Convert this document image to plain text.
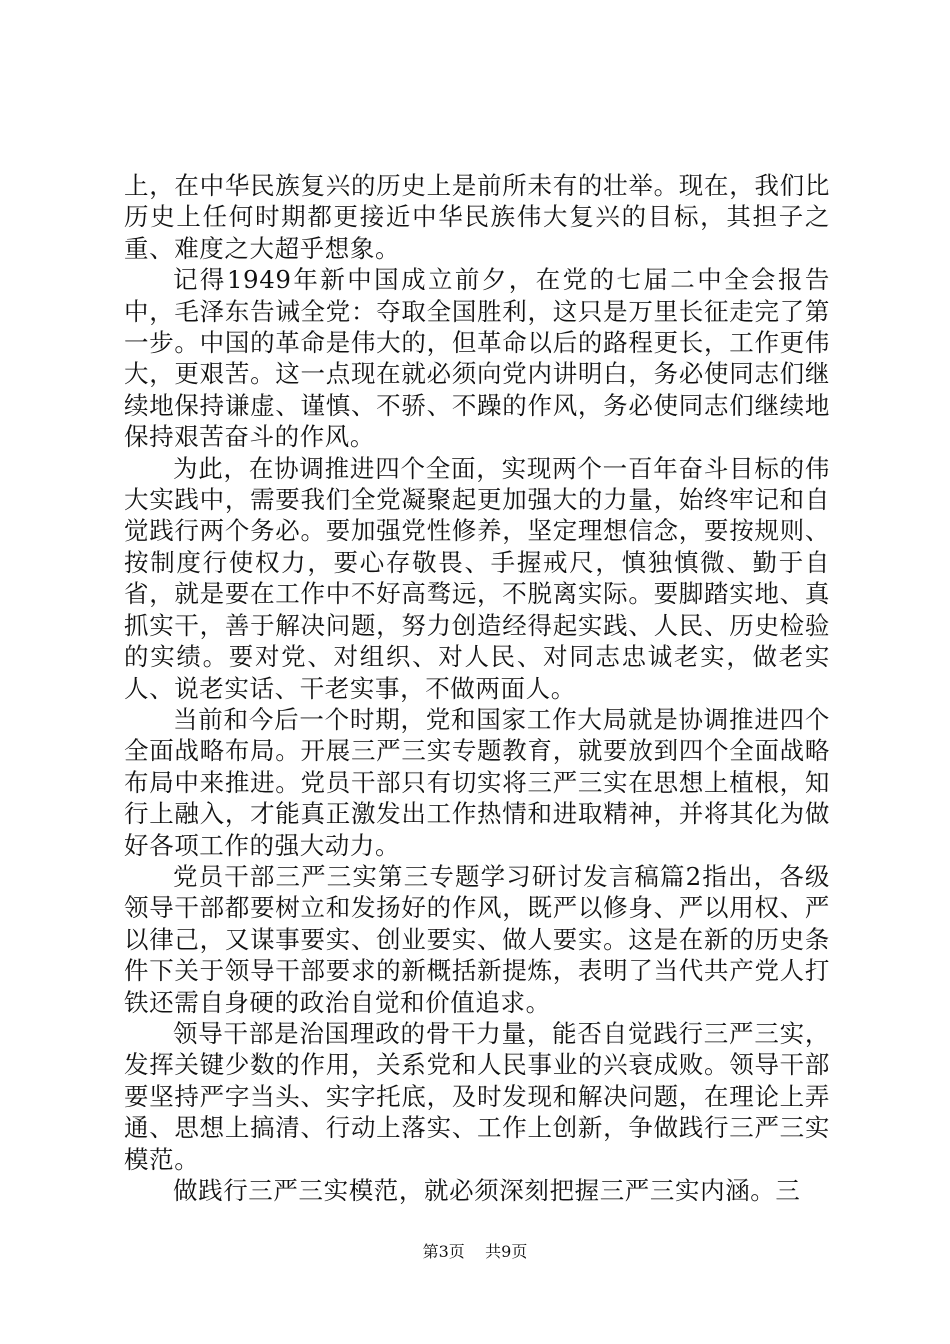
上，在中华民族复兴的历史上是前所未有的壮举。现在，我们比历史上任何时期都更接近中华民族伟大复兴的目标，其担子之重、难度之大超乎想象。

记得1949年新中国成立前夕，在党的七届二中全会报告中，毛泽东告诫全党：夺取全国胜利，这只是万里长征走完了第一步。中国的革命是伟大的，但革命以后的路程更长，工作更伟大，更艰苦。这一点现在就必须向党内讲明白，务必使同志们继续地保持谦虚、谨慎、不骄、不躁的作风，务必使同志们继续地保持艰苦奋斗的作风。

为此，在协调推进四个全面，实现两个一百年奋斗目标的伟大实践中，需要我们全党凝聚起更加强大的力量，始终牢记和自觉践行两个务必。要加强党性修养，坚定理想信念，要按规则、按制度行使权力，要心存敬畏、手握戒尺，慎独慎微、勤于自省，就是要在工作中不好高骛远，不脱离实际。要脚踏实地、真抓实干，善于解决问题，努力创造经得起实践、人民、历史检验的实绩。要对党、对组织、对人民、对同志忠诚老实，做老实人、说老实话、干老实事，不做两面人。

当前和今后一个时期，党和国家工作大局就是协调推进四个全面战略布局。开展三严三实专题教育，就要放到四个全面战略布局中来推进。党员干部只有切实将三严三实在思想上植根，知行上融入，才能真正激发出工作热情和进取精神，并将其化为做好各项工作的强大动力。

党员干部三严三实第三专题学习研讨发言稿篇2指出，各级领导干部都要树立和发扬好的作风，既严以修身、严以用权、严以律己，又谋事要实、创业要实、做人要实。这是在新的历史条件下关于领导干部要求的新概括新提炼，表明了当代共产党人打铁还需自身硬的政治自觉和价值追求。

领导干部是治国理政的骨干力量，能否自觉践行三严三实，发挥关键少数的作用，关系党和人民事业的兴衰成败。领导干部要坚持严字当头、实字托底，及时发现和解决问题，在理论上弄通、思想上搞清、行动上落实、工作上创新，争做践行三严三实模范。

做践行三严三实模范，就必须深刻把握三严三实内涵。三

第3页 共9页
